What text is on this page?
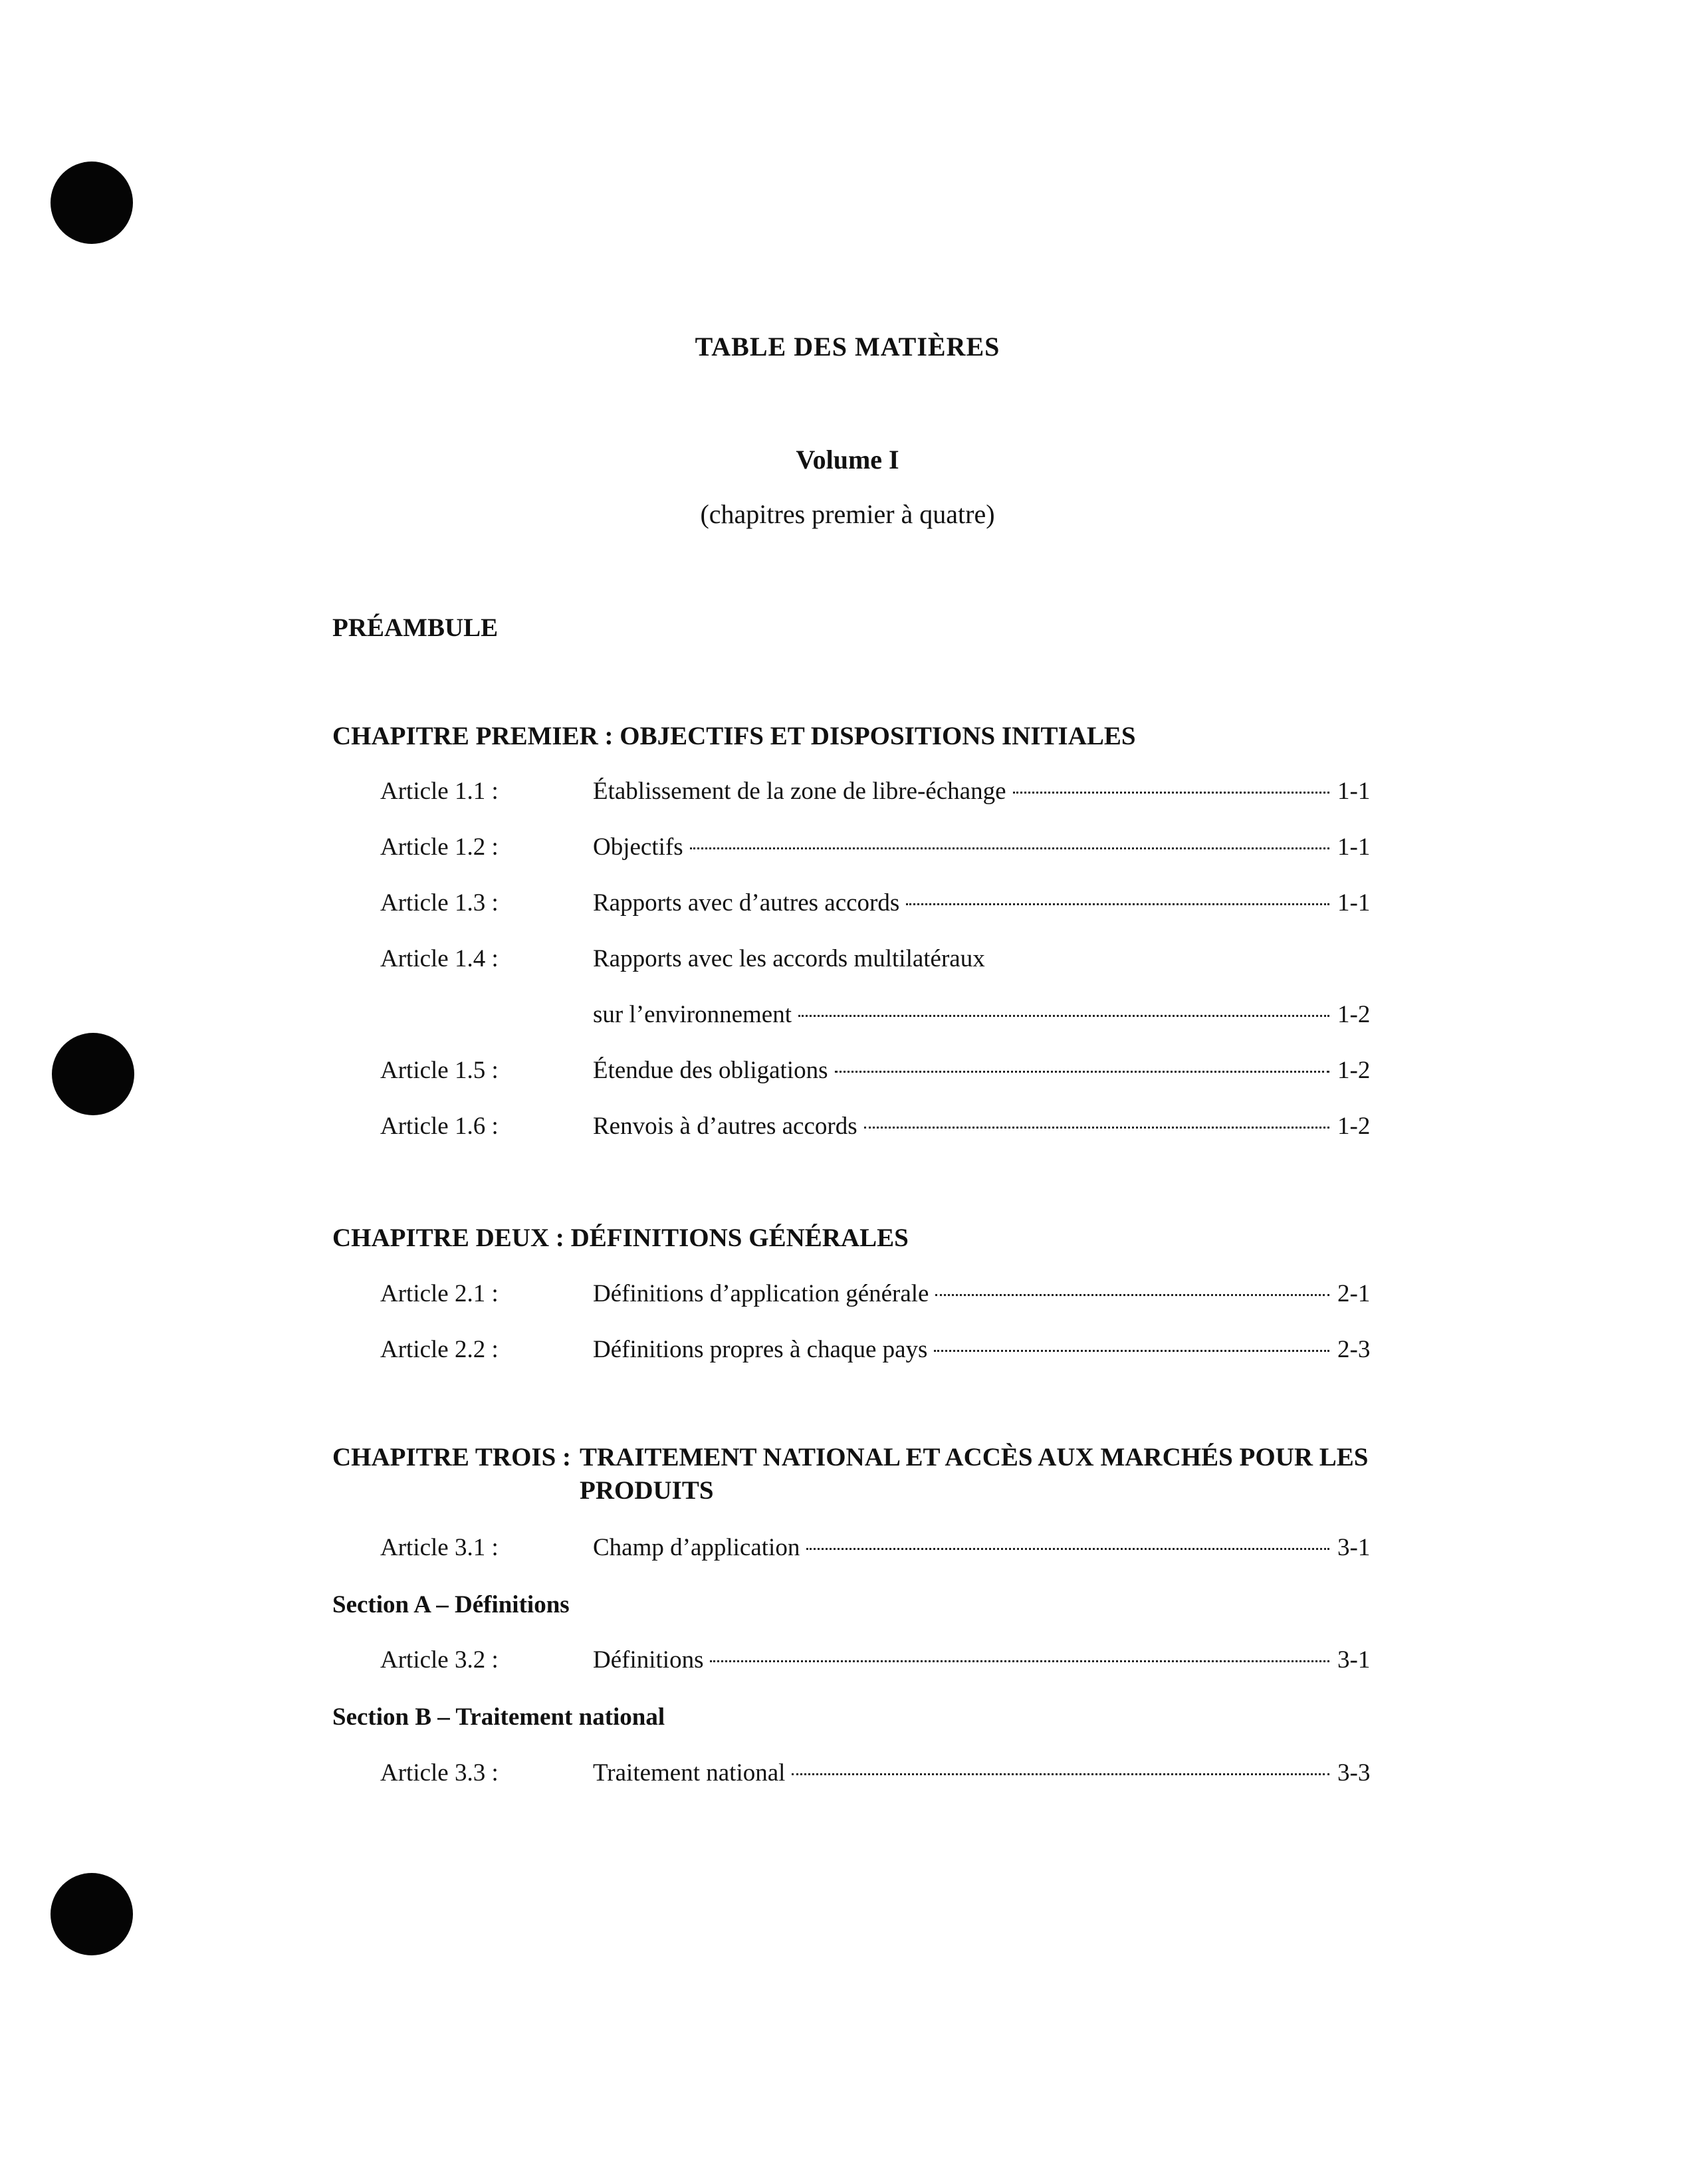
TABLE DES MATIÈRES
Volume I

(chapitres premier à quatre)

PRÉAMBULE
CHAPITRE PREMIER : OBJECTIFS ET DISPOSITIONS INITIALES
Article 1.1 :	Établissement de la zone de libre-échange	1-1
Article 1.2 :	Objectifs	1-1
Article 1.3 :	Rapports avec d’autres accords	1-1
Article 1.4 :	Rapports avec les accords multilatéraux
sur l’environnement	1-2
Article 1.5 :	Étendue des obligations	1-2
Article 1.6 :	Renvois à d’autres accords	1-2
CHAPITRE DEUX : DÉFINITIONS GÉNÉRALES
Article 2.1 :	Définitions d’application générale	2-1
Article 2.2 :	Définitions propres à chaque pays	2-3
CHAPITRE TROIS : TRAITEMENT NATIONAL ET ACCÈS AUX MARCHÉS POUR LES PRODUITS
Article 3.1 :	Champ d’application	3-1
Section A – Définitions
Article 3.2 :	Définitions	3-1
Section B – Traitement national
Article 3.3 :	Traitement national	3-3
